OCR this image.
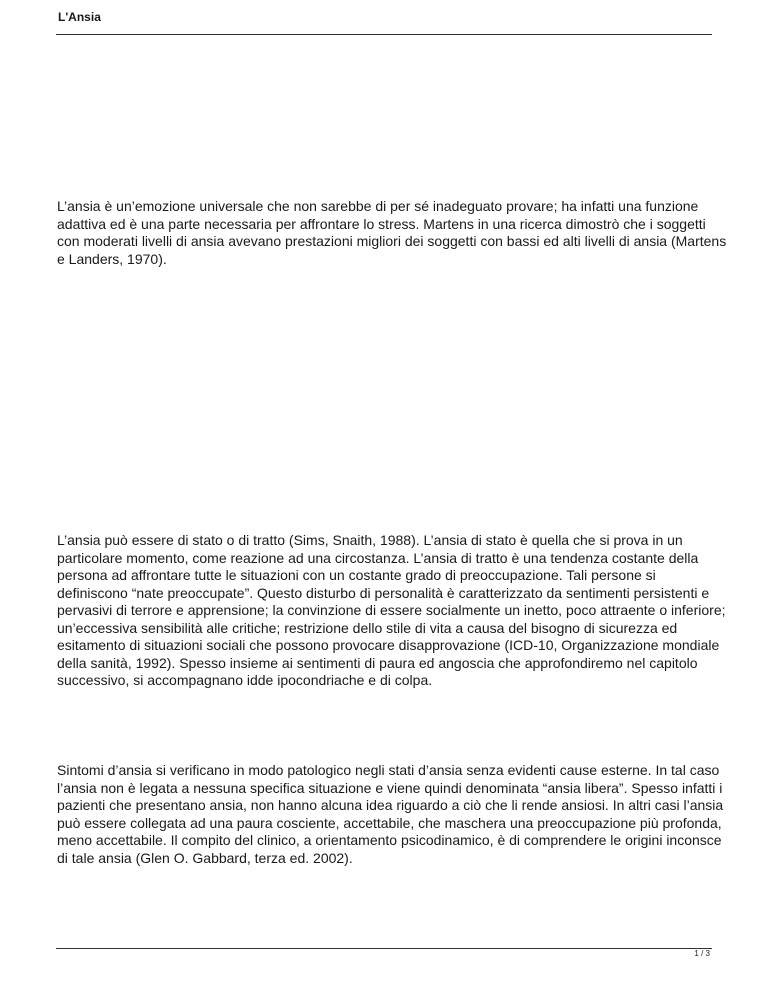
L'Ansia

L’ansia è un’emozione universale che non sarebbe di per sé inadeguato provare; ha infatti una funzione adattiva ed è una parte necessaria per affrontare lo stress. Martens in una ricerca dimostrò che i soggetti con moderati livelli di ansia avevano prestazioni migliori dei soggetti con bassi ed alti livelli di ansia (Martens e Landers, 1970).

L’ansia può essere di stato o di tratto (Sims, Snaith, 1988). L’ansia di stato è quella che si prova in un particolare momento, come reazione ad una circostanza. L’ansia di tratto è una tendenza costante della persona ad affrontare tutte le situazioni con un costante grado di preoccupazione. Tali persone si definiscono “nate preoccupate”. Questo disturbo di personalità è caratterizzato da sentimenti persistenti e pervasivi di terrore e apprensione; la convinzione di essere socialmente un inetto, poco attraente o inferiore; un’eccessiva sensibilità alle critiche; restrizione dello stile di vita a causa del bisogno di sicurezza ed esitamento di situazioni sociali che possono provocare disapprovazione (ICD-10, Organizzazione mondiale della sanità, 1992). Spesso insieme ai sentimenti di paura ed angoscia che approfondiremo nel capitolo successivo, si accompagnano idde ipocondriache e di colpa.

Sintomi d’ansia si verificano in modo patologico negli stati d’ansia senza evidenti cause esterne. In tal caso l’ansia non è legata a nessuna specifica situazione e viene quindi denominata “ansia libera”. Spesso infatti i pazienti che presentano ansia, non hanno alcuna idea riguardo a ciò che li rende ansiosi. In altri casi l’ansia può essere collegata ad una paura cosciente, accettabile, che maschera una preoccupazione più profonda, meno accettabile. Il compito del clinico, a orientamento psicodinamico, è di comprendere le origini inconsce di tale ansia (Glen O. Gabbard, terza ed. 2002).

1 / 3
